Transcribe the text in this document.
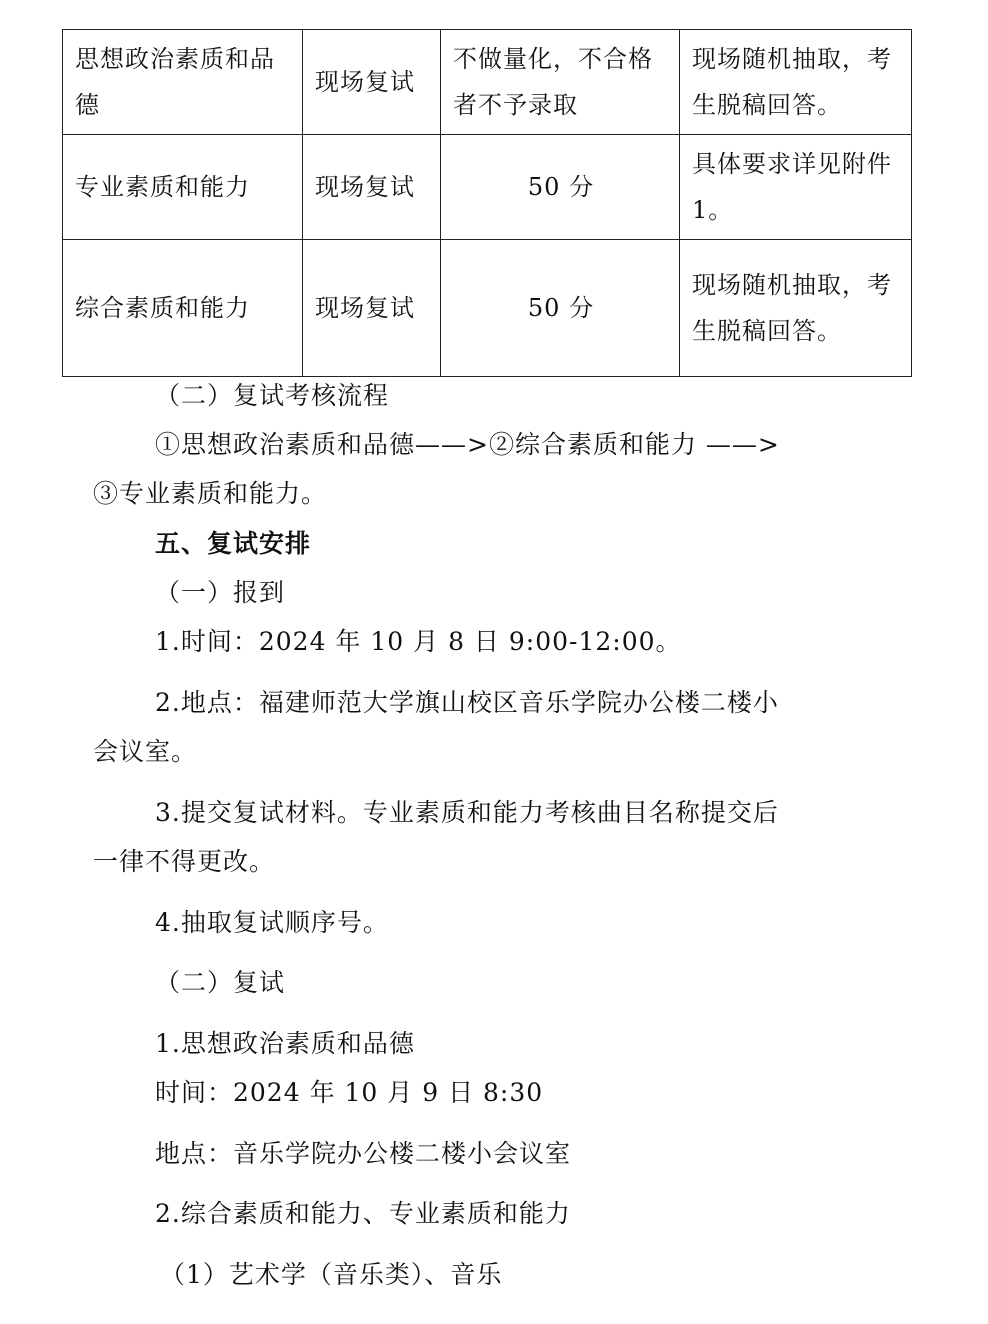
思想政治素质和品德	现场复试	不做量化，不合格者不予录取	现场随机抽取，考生脱稿回答。
专业素质和能力	现场复试	50 分	具体要求详见附件 1。
综合素质和能力	现场复试	50 分	现场随机抽取，考生脱稿回答。
（二）复试考核流程
①思想政治素质和品德——>②综合素质和能力 ——>
③专业素质和能力。
五、复试安排
（一）报到
1.时间：2024 年 10 月 8 日 9:00-12:00。
2.地点：福建师范大学旗山校区音乐学院办公楼二楼小
会议室。
3.提交复试材料。专业素质和能力考核曲目名称提交后
一律不得更改。
4.抽取复试顺序号。
（二）复试
1.思想政治素质和品德
时间：2024 年 10 月 9 日 8:30
地点：音乐学院办公楼二楼小会议室
2.综合素质和能力、专业素质和能力
（1）艺术学（音乐类）、音乐
